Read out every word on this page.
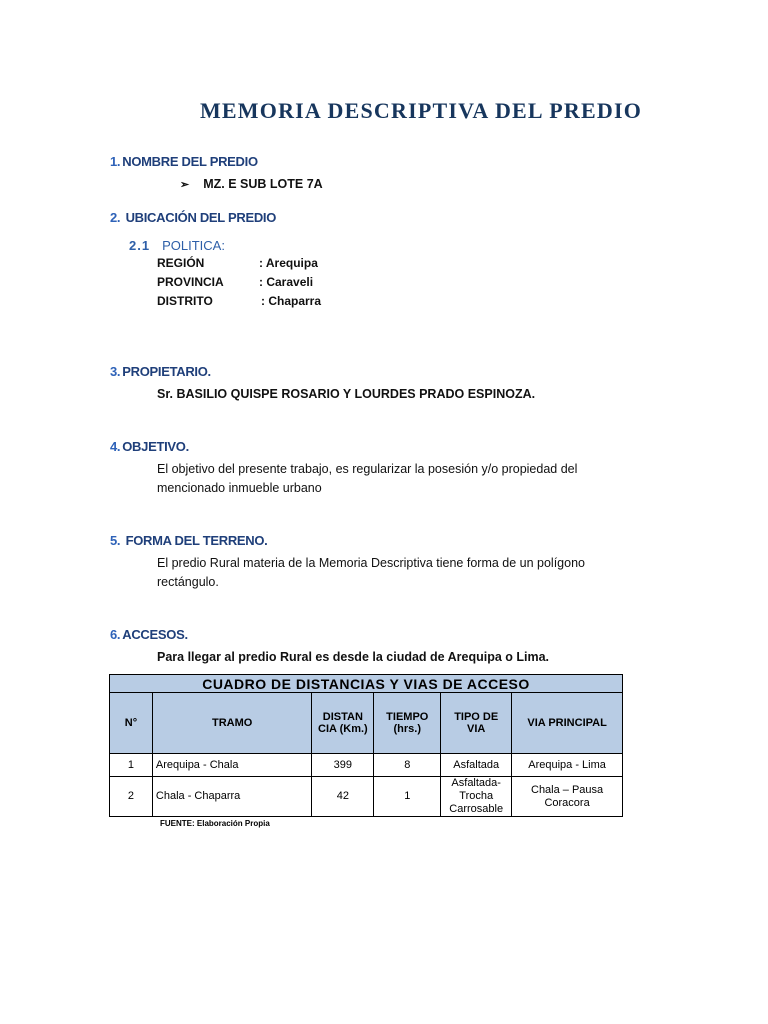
MEMORIA DESCRIPTIVA DEL PREDIO
1. NOMBRE DEL PREDIO
➢ MZ. E SUB LOTE 7A
2. UBICACIÓN DEL PREDIO
2.1 POLITICA:
REGIÓN	: Arequipa
PROVINCIA	: Caraveli
DISTRITO	: Chaparra
3. PROPIETARIO.
Sr. BASILIO QUISPE ROSARIO Y LOURDES PRADO ESPINOZA.
4. OBJETIVO.
El objetivo del presente trabajo, es regularizar la posesión y/o propiedad del
mencionado inmueble urbano
5. FORMA DEL TERRENO.
El predio Rural materia de la Memoria Descriptiva tiene forma de un polígono
rectángulo.
6. ACCESOS.
Para llegar al predio Rural es desde la ciudad de Arequipa o Lima.
CUADRO DE DISTANCIAS Y VIAS DE ACCESO					
N°	TRAMO	DISTAN CIA (Km.)	TIEMPO (hrs.)	TIPO DE VIA	VIA PRINCIPAL
1	Arequipa - Chala	399	8	Asfaltada	Arequipa - Lima
2	Chala - Chaparra	42	1	Asfaltada- Trocha Carrosable	Chala – Pausa Coracora
FUENTE: Elaboración Propia
